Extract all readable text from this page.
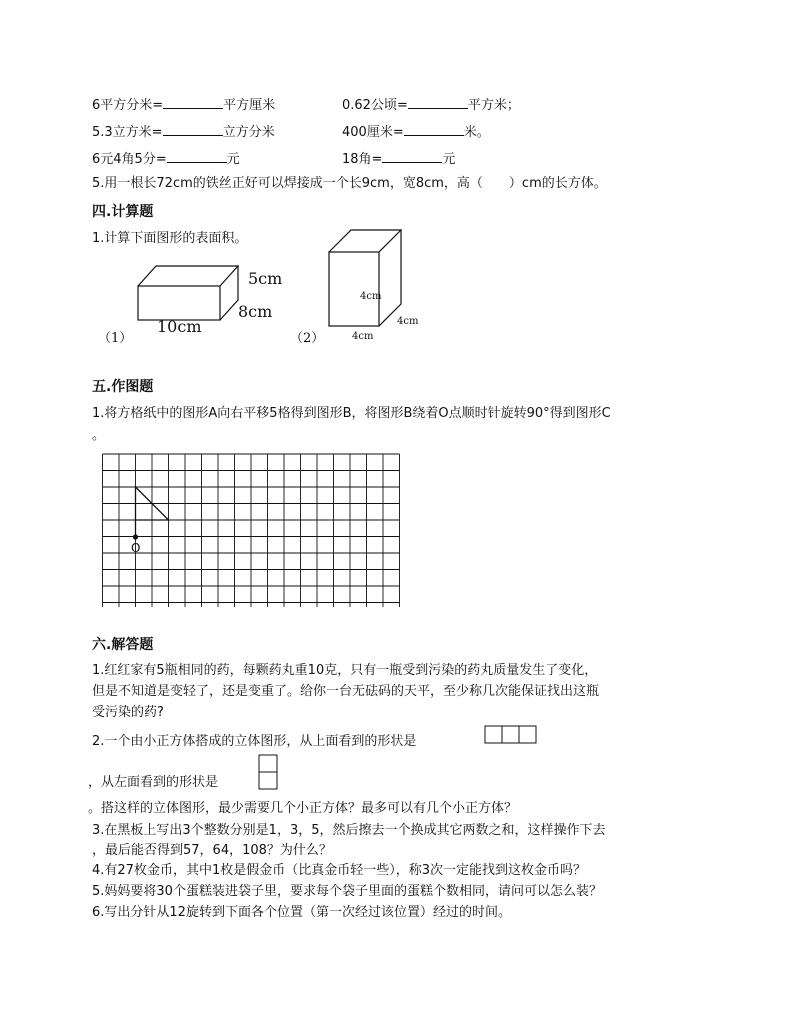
6平方分米=	平方厘米	0.62公顷=	平方米；
5.3立方米=	立方分米	400厘米=	米。
6元4角5分=	元	18角=	元
5.用一根长72cm的铁丝正好可以焊接成一个长9cm，宽8cm，高（　　）cm的长方体。
四.计算题
1.计算下面图形的表面积。
5cm
8cm
10cm
（1）
4cm
4cm
4cm
（2）
五.作图题
1.将方格纸中的图形A向右平移5格得到图形B，将图形B绕着O点顺时针旋转90°得到图形C
。
O
六.解答题
1.红红家有5瓶相同的药，每颗药丸重10克，只有一瓶受到污染的药丸质量发生了变化，
但是不知道是变轻了，还是变重了。给你一台无砝码的天平，至少称几次能保证找出这瓶
受污染的药?
2.一个由小正方体搭成的立体图形，从上面看到的形状是
，从左面看到的形状是
。搭这样的立体图形，最少需要几个小正方体？最多可以有几个小正方体？
3.在黑板上写出3个整数分别是1，3，5，然后擦去一个换成其它两数之和，这样操作下去
，最后能否得到57，64，108？为什么？
4.有27枚金币，其中1枚是假金币（比真金币轻一些），称3次一定能找到这枚金币吗？
5.妈妈要将30个蛋糕装进袋子里，要求每个袋子里面的蛋糕个数相同，请问可以怎么装？
6.写出分针从12旋转到下面各个位置（第一次经过该位置）经过的时间。
